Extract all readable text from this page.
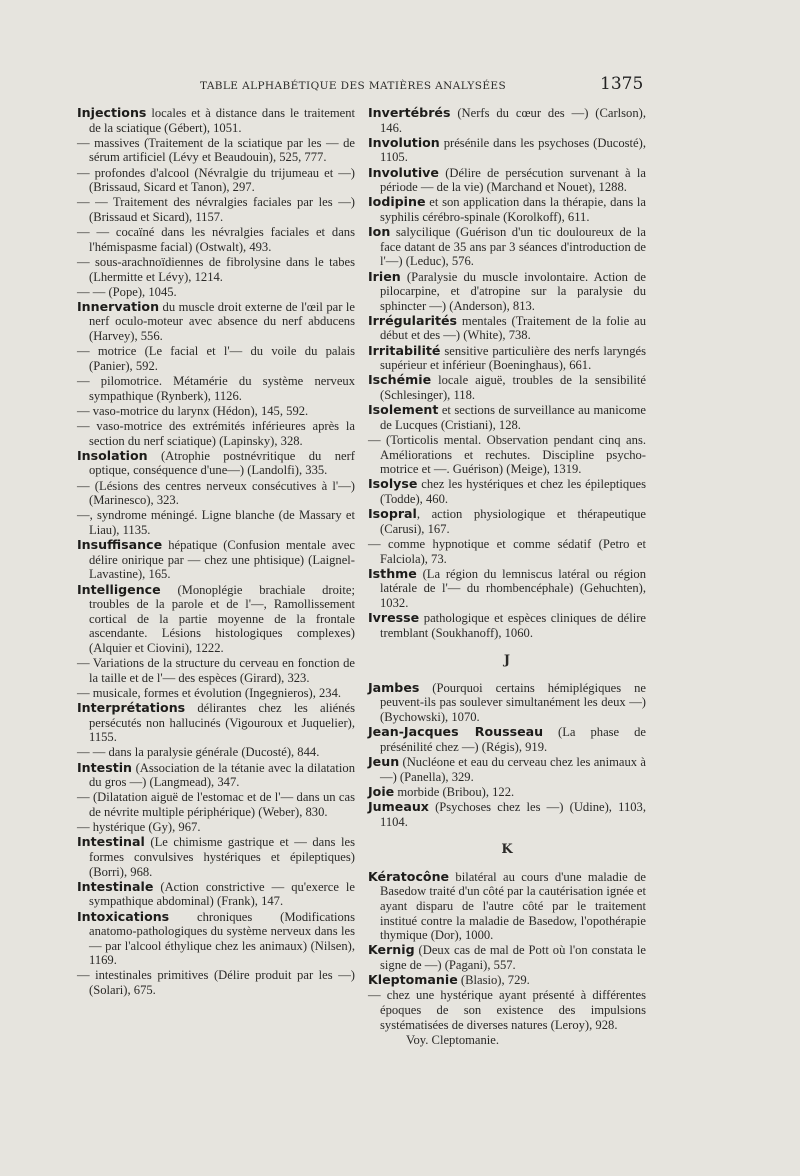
TABLE ALPHABÉTIQUE DES MATIÈRES ANALYSÉES	1375
Injections locales et à distance dans le traitement de la sciatique (Gébert), 1051.
— massives (Traitement de la sciatique par les — de sérum artificiel (Lévy et Beaudouin), 525, 777.
— profondes d'alcool (Névralgie du trijumeau et —) (Brissaud, Sicard et Tanon), 297.
— — Traitement des névralgies faciales par les —) (Brissaud et Sicard), 1157.
— — cocaïné dans les névralgies faciales et dans l'hémispasme facial) (Ostwalt), 493.
— sous-arachnoïdiennes de fibrolysine dans le tabes (Lhermitte et Lévy), 1214.
— — (Pope), 1045.
Innervation du muscle droit externe de l'œil par le nerf oculo-moteur avec absence du nerf abducens (Harvey), 556.
— motrice (Le facial et l'— du voile du palais (Panier), 592.
— pilomotrice. Métamérie du système nerveux sympathique (Rynberk), 1126.
— vaso-motrice du larynx (Hédon), 145, 592.
— vaso-motrice des extrémités inférieures après la section du nerf sciatique) (Lapinsky), 328.
Insolation (Atrophie postnévritique du nerf optique, conséquence d'une—) (Landolfi), 335.
— (Lésions des centres nerveux consécutives à l'—) (Marinesco), 323.
—, syndrome méningé. Ligne blanche (de Massary et Liau), 1135.
Insuffisance hépatique (Confusion mentale avec délire onirique par — chez une phtisique) (Laignel-Lavastine), 165.
Intelligence (Monoplégie brachiale droite; troubles de la parole et de l'—, Ramollissement cortical de la partie moyenne de la frontale ascendante. Lésions histologiques complexes) (Alquier et Ciovini), 1222.
— Variations de la structure du cerveau en fonction de la taille et de l'— des espèces (Girard), 323.
— musicale, formes et évolution (Ingegnieros), 234.
Interprétations délirantes chez les aliénés persécutés non hallucinés (Vigouroux et Juquelier), 1155.
— — dans la paralysie générale (Ducosté), 844.
Intestin (Association de la tétanie avec la dilatation du gros —) (Langmead), 347.
— (Dilatation aiguë de l'estomac et de l'— dans un cas de névrite multiple périphérique) (Weber), 830.
— hystérique (Gy), 967.
Intestinal (Le chimisme gastrique et — dans les formes convulsives hystériques et épileptiques) (Borri), 968.
Intestinale (Action constrictive — qu'exerce le sympathique abdominal) (Frank), 147.
Intoxications chroniques (Modifications anatomo-pathologiques du système nerveux dans les — par l'alcool éthylique chez les animaux) (Nilsen), 1169.
— intestinales primitives (Délire produit par les —) (Solari), 675.
Invertébrés (Nerfs du cœur des —) (Carlson), 146.
Involution présénile dans les psychoses (Ducosté), 1105.
Involutive (Délire de persécution survenant à la période — de la vie) (Marchand et Nouet), 1288.
Iodipine et son application dans la thérapie, dans la syphilis cérébro-spinale (Korolkoff), 611.
Ion salycilique (Guérison d'un tic douloureux de la face datant de 35 ans par 3 séances d'introduction de l'—) (Leduc), 576.
Irien (Paralysie du muscle involontaire. Action de pilocarpine, et d'atropine sur la paralysie du sphincter —) (Anderson), 813.
Irrégularités mentales (Traitement de la folie au début et des —) (White), 738.
Irritabilité sensitive particulière des nerfs laryngés supérieur et inférieur (Boeninghaus), 661.
Ischémie locale aiguë, troubles de la sensibilité (Schlesinger), 118.
Isolement et sections de surveillance au manicome de Lucques (Cristiani), 128.
— (Torticolis mental. Observation pendant cinq ans. Améliorations et rechutes. Discipline psycho-motrice et —. Guérison) (Meige), 1319.
Isolyse chez les hystériques et chez les épileptiques (Todde), 460.
Isopral, action physiologique et thérapeutique (Carusi), 167.
— comme hypnotique et comme sédatif (Petro et Falciola), 73.
Isthme (La région du lemniscus latéral ou région latérale de l'— du rhombencéphale) (Gehuchten), 1032.
Ivresse pathologique et espèces cliniques de délire tremblant (Soukhanoff), 1060.
J
Jambes (Pourquoi certains hémiplégiques ne peuvent-ils pas soulever simultanément les deux —) (Bychowski), 1070.
Jean-Jacques Rousseau (La phase de présénilité chez —) (Régis), 919.
Jeun (Nucléone et eau du cerveau chez les animaux à —) (Panella), 329.
Joie morbide (Bribou), 122.
Jumeaux (Psychoses chez les —) (Udine), 1103, 1104.
K
Kératocône bilatéral au cours d'une maladie de Basedow traité d'un côté par la cautérisation ignée et ayant disparu de l'autre côté par le traitement institué contre la maladie de Basedow, l'opothérapie thymique (Dor), 1000.
Kernig (Deux cas de mal de Pott où l'on constata le signe de —) (Pagani), 557.
Kleptomanie (Blasio), 729.
— chez une hystérique ayant présenté à différentes époques de son existence des impulsions systématisées de diverses natures (Leroy), 928.
Voy. Cleptomanie.
